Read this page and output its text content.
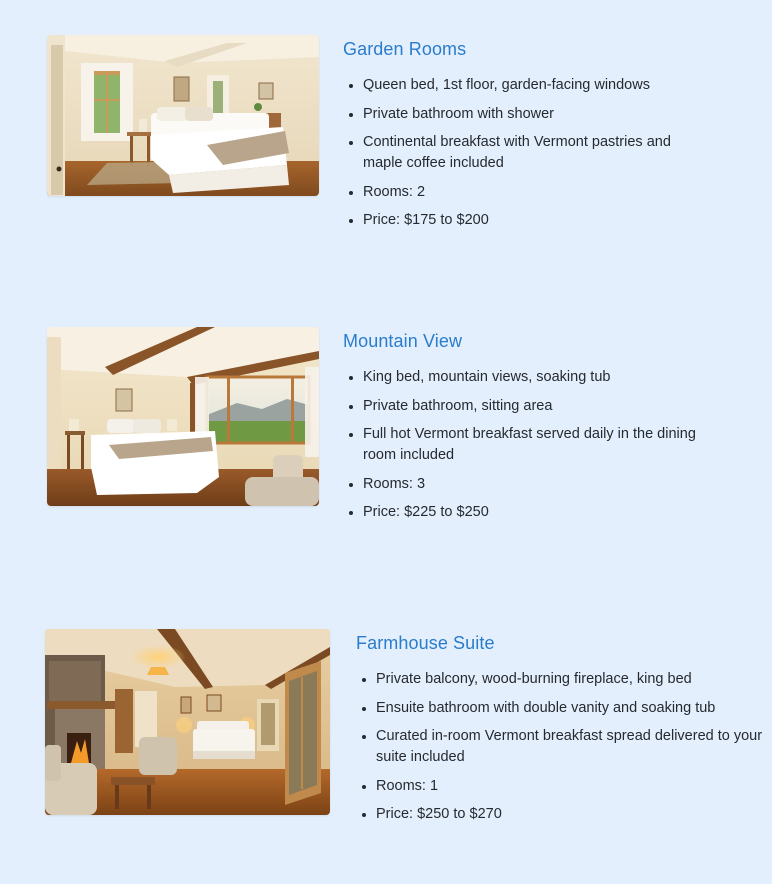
Garden Rooms
• Queen bed, 1st floor, garden-facing windows
• Private bathroom with shower
• Continental breakfast with Vermont pastries and maple coffee included
• Rooms: 2
• Price: $175 to $200
Mountain View
• King bed, mountain views, soaking tub
• Private bathroom, sitting area
• Full hot Vermont breakfast served daily in the dining room included
• Rooms: 3
• Price: $225 to $250
Farmhouse Suite
• Private balcony, wood-burning fireplace, king bed
• Ensuite bathroom with double vanity and soaking tub
• Curated in-room Vermont breakfast spread delivered to your suite included
• Rooms: 1
• Price: $250 to $270
